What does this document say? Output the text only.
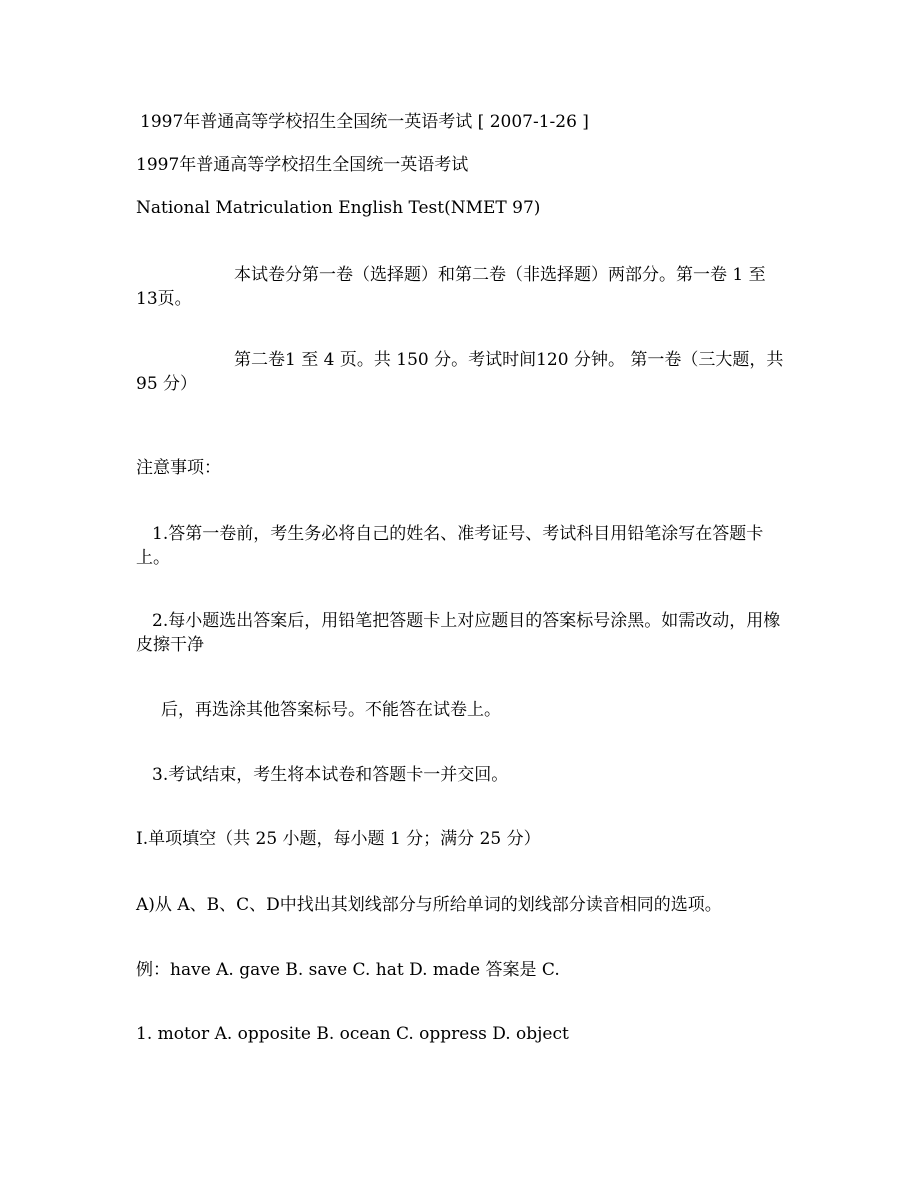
1997年普通高等学校招生全国统一英语考试 [ 2007-1-26 ]
1997年普通高等学校招生全国统一英语考试
National Matriculation English Test(NMET 97)
本试卷分第一卷（选择题）和第二卷（非选择题）两部分。第一卷 1 至 13页。
第二卷1 至 4 页。共 150 分。考试时间120 分钟。 第一卷（三大题，共 95 分）
注意事项：
1.答第一卷前，考生务必将自己的姓名、准考证号、考试科目用铅笔涂写在答题卡上。
2.每小题选出答案后，用铅笔把答题卡上对应题目的答案标号涂黑。如需改动，用橡皮擦干净
后，再选涂其他答案标号。不能答在试卷上。
3.考试结束，考生将本试卷和答题卡一并交回。
I.单项填空（共 25 小题，每小题 1 分；满分 25 分）
A)从 A、B、C、D中找出其划线部分与所给单词的划线部分读音相同的选项。
例：have A. gave B. save C. hat D. made 答案是 C.
1. motor A. opposite B. ocean C. oppress D. object
